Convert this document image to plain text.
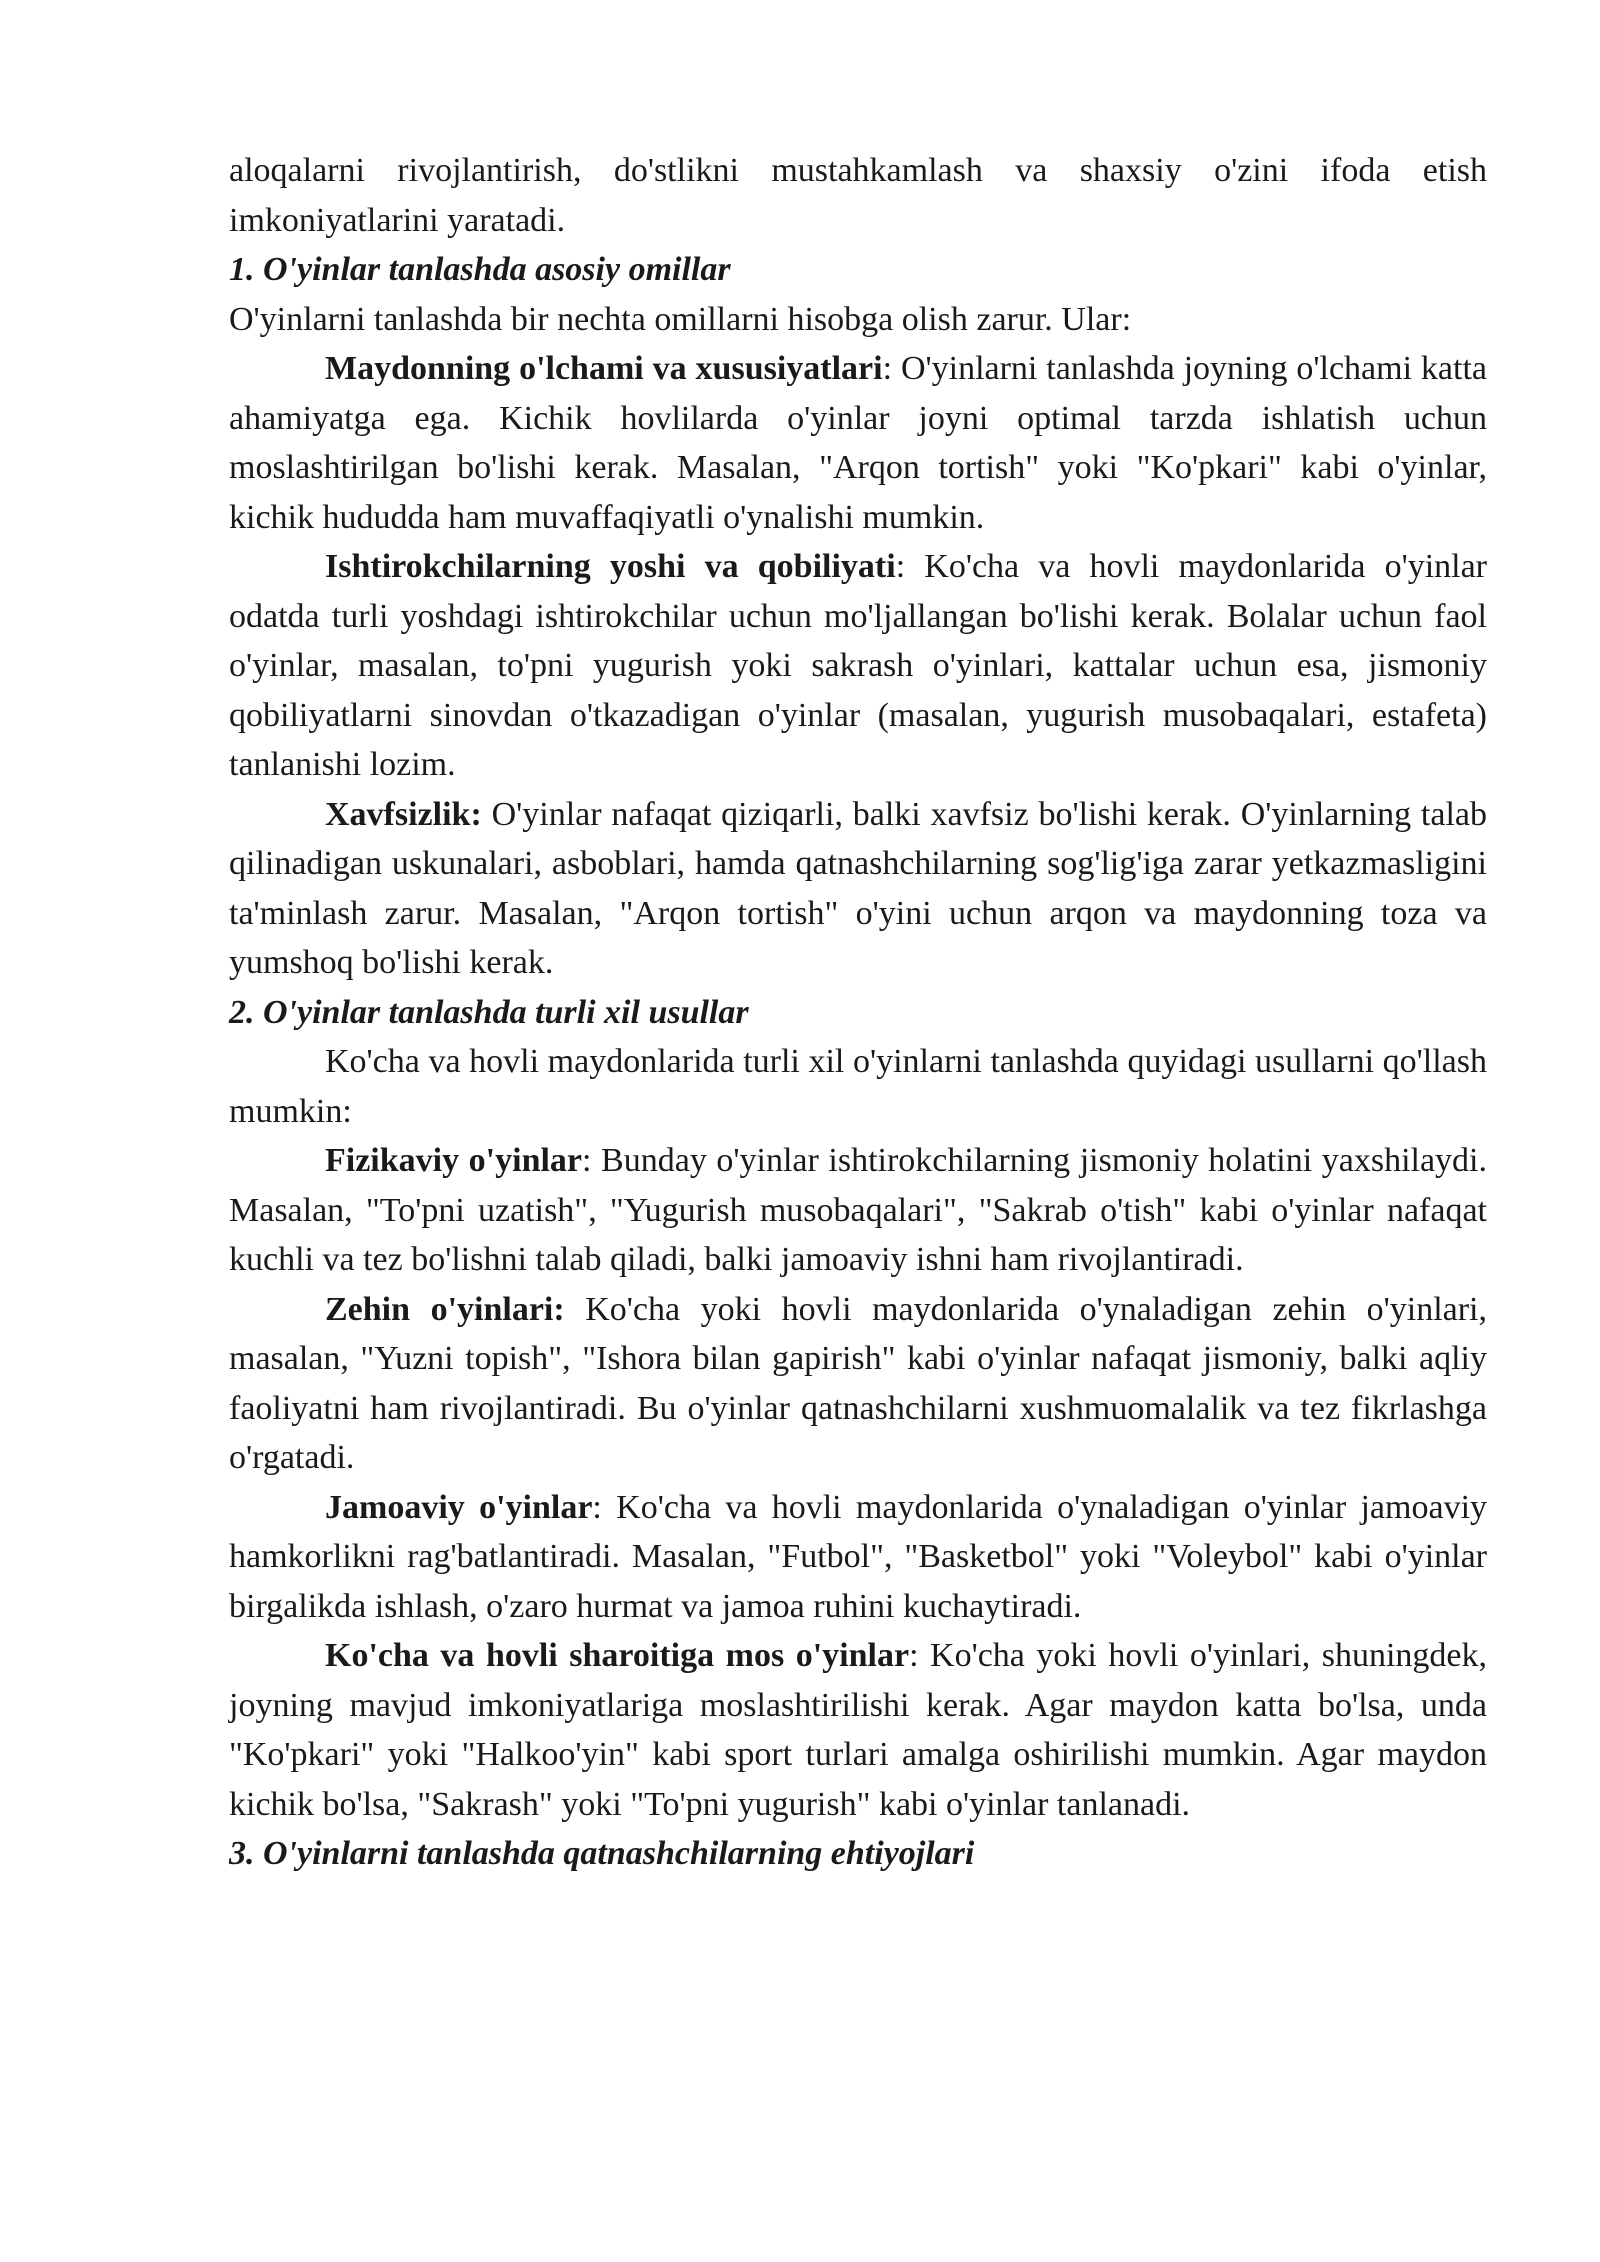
aloqalarni rivojlantirish, do'stlikni mustahkamlash va shaxsiy o'zini ifoda etish imkoniyatlarini yaratadi.

1. O'yinlar tanlashda asosiy omillar

O'yinlarni tanlashda bir nechta omillarni hisobga olish zarur. Ular:

Maydonning o'lchami va xususiyatlari: O'yinlarni tanlashda joyning o'lchami katta ahamiyatga ega. Kichik hovlilarda o'yinlar joyni optimal tarzda ishlatish uchun moslashtirilgan bo'lishi kerak. Masalan, "Arqon tortish" yoki "Ko'pkari" kabi o'yinlar, kichik hududda ham muvaffaqiyatli o'ynalishi mumkin.

Ishtirokchilarning yoshi va qobiliyati: Ko'cha va hovli maydonlarida o'yinlar odatda turli yoshdagi ishtirokchilar uchun mo'ljallangan bo'lishi kerak. Bolalar uchun faol o'yinlar, masalan, to'pni yugurish yoki sakrash o'yinlari, kattalar uchun esa, jismoniy qobiliyatlarni sinovdan o'tkazadigan o'yinlar (masalan, yugurish musobaqalari, estafeta) tanlanishi lozim.

Xavfsizlik: O'yinlar nafaqat qiziqarli, balki xavfsiz bo'lishi kerak. O'yinlarning talab qilinadigan uskunalari, asboblari, hamda qatnashchilarning sog'lig'iga zarar yetkazmasligini ta'minlash zarur. Masalan, "Arqon tortish" o'yini uchun arqon va maydonning toza va yumshoq bo'lishi kerak.

2. O'yinlar tanlashda turli xil usullar

Ko'cha va hovli maydonlarida turli xil o'yinlarni tanlashda quyidagi usullarni qo'llash mumkin:

Fizikaviy o'yinlar: Bunday o'yinlar ishtirokchilarning jismoniy holatini yaxshilaydi. Masalan, "To'pni uzatish", "Yugurish musobaqalari", "Sakrab o'tish" kabi o'yinlar nafaqat kuchli va tez bo'lishni talab qiladi, balki jamoaviy ishni ham rivojlantiradi.

Zehin o'yinlari: Ko'cha yoki hovli maydonlarida o'ynaladigan zehin o'yinlari, masalan, "Yuzni topish", "Ishora bilan gapirish" kabi o'yinlar nafaqat jismoniy, balki aqliy faoliyatni ham rivojlantiradi. Bu o'yinlar qatnashchilarni xushmuomalalik va tez fikrlashga o'rgatadi.

Jamoaviy o'yinlar: Ko'cha va hovli maydonlarida o'ynaladigan o'yinlar jamoaviy hamkorlikni rag'batlantiradi. Masalan, "Futbol", "Basketbol" yoki "Voleybol" kabi o'yinlar birgalikda ishlash, o'zaro hurmat va jamoa ruhini kuchaytiradi.

Ko'cha va hovli sharoitiga mos o'yinlar: Ko'cha yoki hovli o'yinlari, shuningdek, joyning mavjud imkoniyatlariga moslashtirilishi kerak. Agar maydon katta bo'lsa, unda "Ko'pkari" yoki "Halkoo'yin" kabi sport turlari amalga oshirilishi mumkin. Agar maydon kichik bo'lsa, "Sakrash" yoki "To'pni yugurish" kabi o'yinlar tanlanadi.

3. O'yinlarni tanlashda qatnashchilarning ehtiyojlari
